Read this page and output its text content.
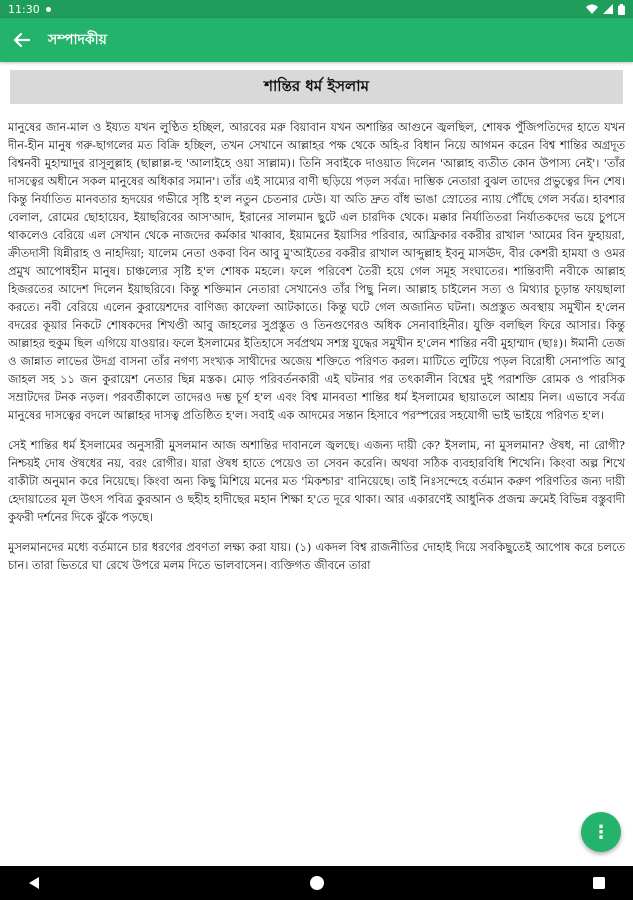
11:30
সম্পাদকীয়
শান্তির ধর্ম ইসলাম

মানুষের জান-মাল ও ইয্যত যখন লুণ্ঠিত হচ্ছিল, আরবের মরু বিয়াবান যখন অশান্তির আগুনে জ্বলছিল, শোষক পুঁজিপতিদের হাতে যখন দীন-হীন মানুষ গরু-ছাগলের মত বিক্রি হচ্ছিল, তখন সেখানে আল্লাহর পক্ষ থেকে অহি-র বিধান নিয়ে আগমন করেন বিশ্ব শান্তির অগ্রদূত বিশ্বনবী মুহাম্মাদুর রাসূলুল্লাহ (ছাল্লাল্ল-হু 'আলাইহে ওয়া সাল্লাম)। তিনি সবাইকে দাওয়াত দিলেন 'আল্লাহ ব্যতীত কোন উপাস্য নেই'। 'তাঁর দাসত্বের অধীনে সকল মানুষের অধিকার সমান'। তাঁর এই সাম্যের বাণী ছড়িয়ে পড়ল সর্বত্র। দাম্ভিক নেতারা বুঝল তাদের প্রভুত্বের দিন শেষ। কিন্তু নির্যাতিত মানবতার হৃদয়ের গভীরে সৃষ্টি হ'ল নতুন চেতনার ঢেউ। যা অতি দ্রুত বাঁধ ভাঙা স্রোতের ন্যায় পৌঁছে গেল সর্বত্র। হাবশার বেলাল, রোমের ছোহায়েব, ইয়াছরিবের আস'আদ, ইরানের সালমান ছুটে এল চারদিক থেকে। মক্কার নির্যাতিতরা নির্যাতকদের ভয়ে চুপসে থাকলেও বেরিয়ে এল সেখান থেকে নাজদের কর্মকার খাব্বাব, ইয়ামনের ইয়াসির পরিবার, আফ্রিকার বকরীর রাখাল 'আমের বিন ফুহায়রা, ক্রীতদাসী যিন্নীরাহ ও নাহদিয়া; যালেম নেতা ওকবা বিন আবু মু'আইতের বকরীর রাখাল আব্দুল্লাহ ইবনু মাসঊদ, বীর কেশরী হামযা ও ওমর প্রমুখ আপোষহীন মানুষ। চাঞ্চল্যের সৃষ্টি হ'ল শোষক মহলে। ফলে পরিবেশ তৈরী হয়ে গেল সমূহ সংঘাতের। শান্তিবাদী নবীকে আল্লাহ হিজরতের আদেশ দিলেন ইয়াছরিবে। কিন্তু শক্তিমান নেতারা সেখানেও তাঁর পিছু নিল। আল্লাহ চাইলেন সত্য ও মিথ্যার চূড়ান্ত ফায়ছালা করতে। নবী বেরিয়ে এলেন কুরায়েশদের বাণিজ্য কাফেলা আটকাতে। কিন্তু ঘটে গেল অজানিত ঘটনা। অপ্রস্তুত অবস্থায় সমুখীন হ'লেন বদরের কূয়ার নিকটে শোষকদের শিখণ্ডী আবু জাহলের সুপ্রস্তুত ও তিনগুণেরও অধিক সেনাবাহিনীর। যুক্তি বলছিল ফিরে আসার। কিন্তু আল্লাহর হুকুম ছিল এগিয়ে যাওয়ার। ফলে ইসলামের ইতিহাসে সর্বপ্রথম সশস্ত্র যুদ্ধের সমুখীন হ'লেন শান্তির নবী মুহাম্মাদ (ছাঃ)। ঈমানী তেজ ও জান্নাত লাভের উদগ্র বাসনা তাঁর নগণ্য সংখ্যক সাথীদের অজেয় শক্তিতে পরিণত করল। মাটিতে লুটিয়ে পড়ল বিরোধী সেনাপতি আবু জাহল সহ ১১ জন কুরায়েশ নেতার ছিন্ন মস্তক। মোড় পরিবর্তনকারী এই ঘটনার পর তৎকালীন বিশ্বের দুই পরাশক্তি রোমক ও পারসিক সম্রাটদের টনক নড়ল। পরবর্তীকালে তাদেরও দম্ভ চূর্ণ হ'ল এবং বিশ্ব মানবতা শান্তির ধর্ম ইসলামের ছায়াতলে আশ্রয় নিল। এভাবে সর্বত্র মানুষের দাসত্বের বদলে আল্লাহর দাসত্ব প্রতিষ্ঠিত হ'ল। সবাই এক আদমের সন্তান হিসাবে পরস্পরের সহযোগী ভাই ভাইয়ে পরিণত হ'ল।

সেই শান্তির ধর্ম ইসলামের অনুসারী মুসলমান আজ অশান্তির দাবানলে জ্বলছে। এজন্য দায়ী কে? ইসলাম, না মুসলমান? ঔষধ, না রোগী? নিশ্চয়ই দোষ ঔষধের নয়, বরং রোগীর। যারা ঔষধ হাতে পেয়েও তা সেবন করেনি। অথবা সঠিক ব্যবহারবিধি শিখেনি। কিংবা অল্প শিখে বাকীটা অনুমান করে নিয়েছে। কিংবা অন্য কিছু মিশিয়ে মনের মত 'মিকশ্চার' বানিয়েছে। তাই নিঃসন্দেহে বর্তমান করুণ পরিণতির জন্য দায়ী হেদায়াতের মূল উৎস পবিত্র কুরআন ও ছহীহ হাদীছের মহান শিক্ষা হ'তে দূরে থাকা। আর একারণেই আধুনিক প্রজন্ম ক্রমেই বিভিন্ন বস্তুবাদী কুফরী দর্শনের দিকে ঝুঁকে পড়ছে।

মুসলমানদের মধ্যে বর্তমানে চার ধরণের প্রবণতা লক্ষ্য করা যায়। (১) একদল বিশ্ব রাজনীতির দোহাই দিয়ে সবকিছুতেই আপোষ করে চলতে চান। তারা ভিতরে ঘা রেখে উপরে মলম দিতে ভালবাসেন। ব্যক্তিগত জীবনে তারা

⋮
